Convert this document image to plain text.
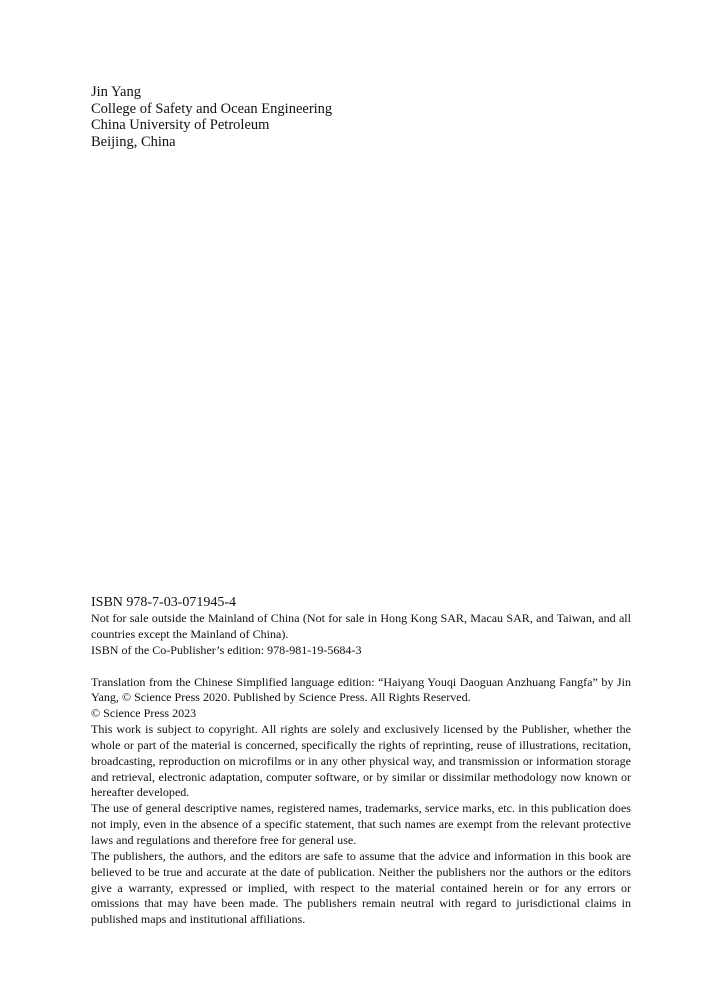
Jin Yang
College of Safety and Ocean Engineering
China University of Petroleum
Beijing, China
ISBN 978-7-03-071945-4

Not for sale outside the Mainland of China (Not for sale in Hong Kong SAR, Macau SAR, and Taiwan, and all countries except the Mainland of China).

ISBN of the Co-Publisher’s edition: 978-981-19-5684-3

Translation from the Chinese Simplified language edition: “Haiyang Youqi Daoguan Anzhuang Fangfa” by Jin Yang, © Science Press 2020. Published by Science Press. All Rights Reserved.

© Science Press 2023

This work is subject to copyright. All rights are solely and exclusively licensed by the Publisher, whether the whole or part of the material is concerned, specifically the rights of reprinting, reuse of illustrations, recitation, broadcasting, reproduction on microfilms or in any other physical way, and transmission or information storage and retrieval, electronic adaptation, computer software, or by similar or dissimilar methodology now known or hereafter developed.

The use of general descriptive names, registered names, trademarks, service marks, etc. in this publication does not imply, even in the absence of a specific statement, that such names are exempt from the relevant protective laws and regulations and therefore free for general use.

The publishers, the authors, and the editors are safe to assume that the advice and information in this book are believed to be true and accurate at the date of publication. Neither the publishers nor the authors or the editors give a warranty, expressed or implied, with respect to the material contained herein or for any errors or omissions that may have been made. The publishers remain neutral with regard to jurisdictional claims in published maps and institutional affiliations.
